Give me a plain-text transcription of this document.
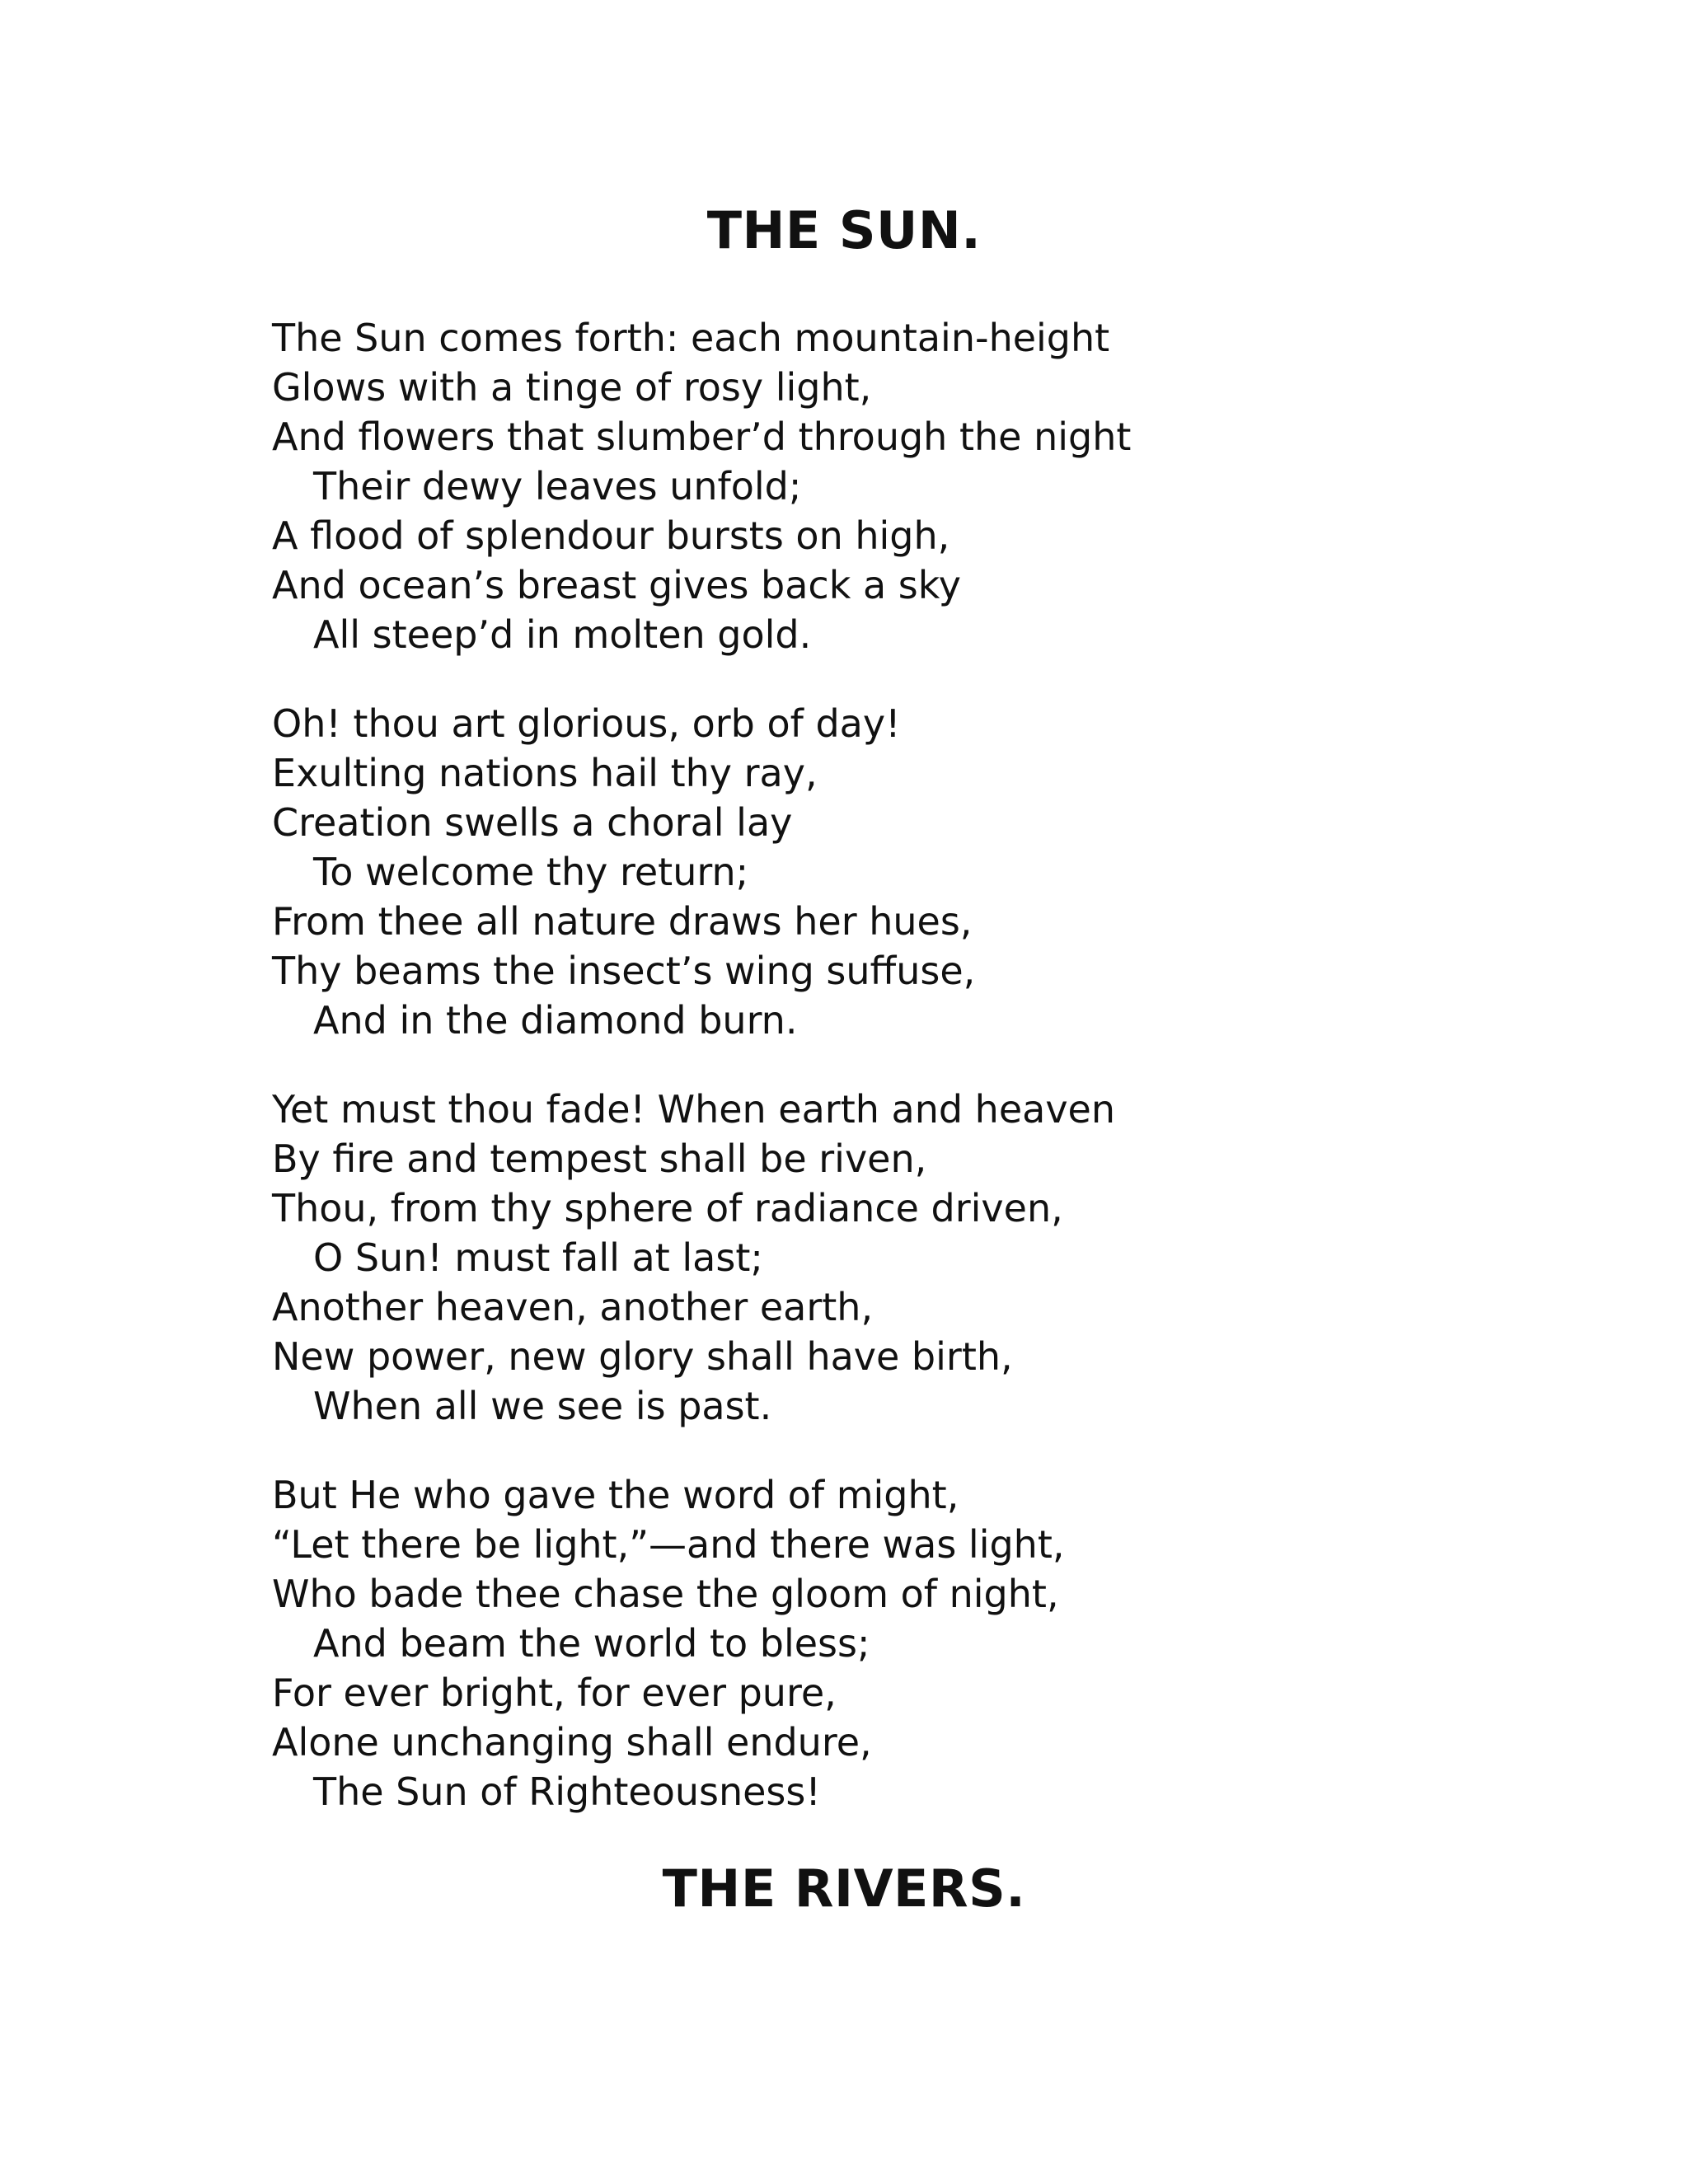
THE SUN.
The Sun comes forth: each mountain-height
Glows with a tinge of rosy light,
And flowers that slumber’d through the night
Their dewy leaves unfold;
A flood of splendour bursts on high,
And ocean’s breast gives back a sky
All steep’d in molten gold.
Oh! thou art glorious, orb of day!
Exulting nations hail thy ray,
Creation swells a choral lay
To welcome thy return;
From thee all nature draws her hues,
Thy beams the insect’s wing suffuse,
And in the diamond burn.
Yet must thou fade! When earth and heaven
By fire and tempest shall be riven,
Thou, from thy sphere of radiance driven,
O Sun! must fall at last;
Another heaven, another earth,
New power, new glory shall have birth,
When all we see is past.
But He who gave the word of might,
“Let there be light,”—and there was light,
Who bade thee chase the gloom of night,
And beam the world to bless;
For ever bright, for ever pure,
Alone unchanging shall endure,
The Sun of Righteousness!
THE RIVERS.
